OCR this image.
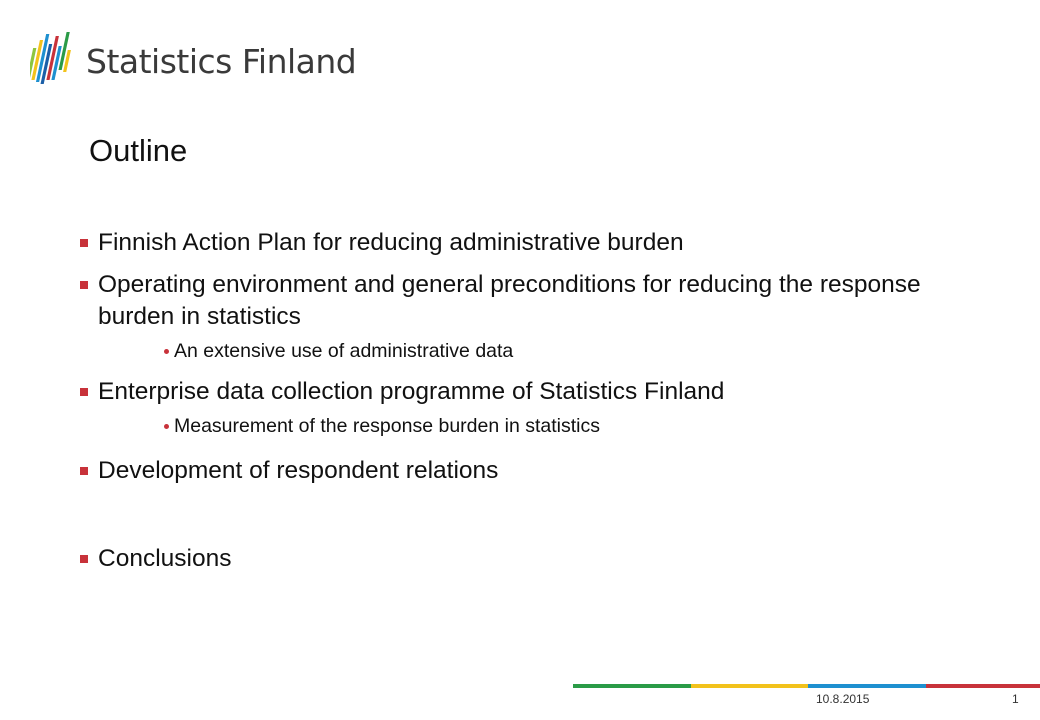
Statistics Finland
Outline
Finnish Action Plan for reducing administrative burden
Operating environment and general preconditions for reducing the response burden in statistics
An extensive use of administrative data
Enterprise data collection programme of Statistics Finland
Measurement of the response burden in statistics
Development of respondent relations
Conclusions
10.8.2015	1
